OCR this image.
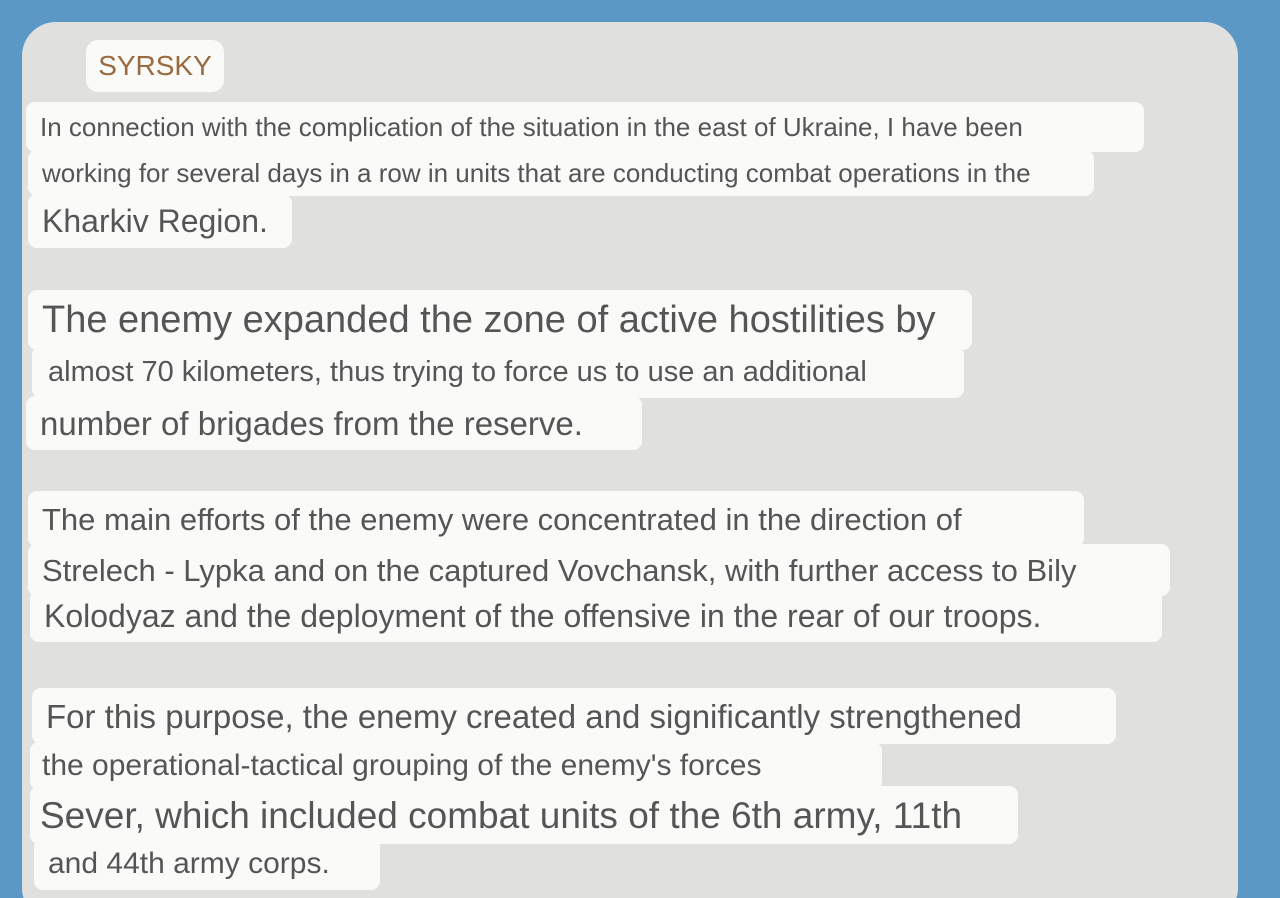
SYRSKY
In connection with the complication of the situation in the east of Ukraine, I have been
working for several days in a row in units that are conducting combat operations in the
Kharkiv Region.
The enemy expanded the zone of active hostilities by
almost 70 kilometers, thus trying to force us to use an additional
number of brigades from the reserve.
The main efforts of the enemy were concentrated in the direction of
Strelech - Lypka and on the captured Vovchansk, with further access to Bily
Kolodyaz and the deployment of the offensive in the rear of our troops.
For this purpose, the enemy created and significantly strengthened
the operational-tactical grouping of the enemy's forces
Sever, which included combat units of the 6th army, 11th
and 44th army corps.
